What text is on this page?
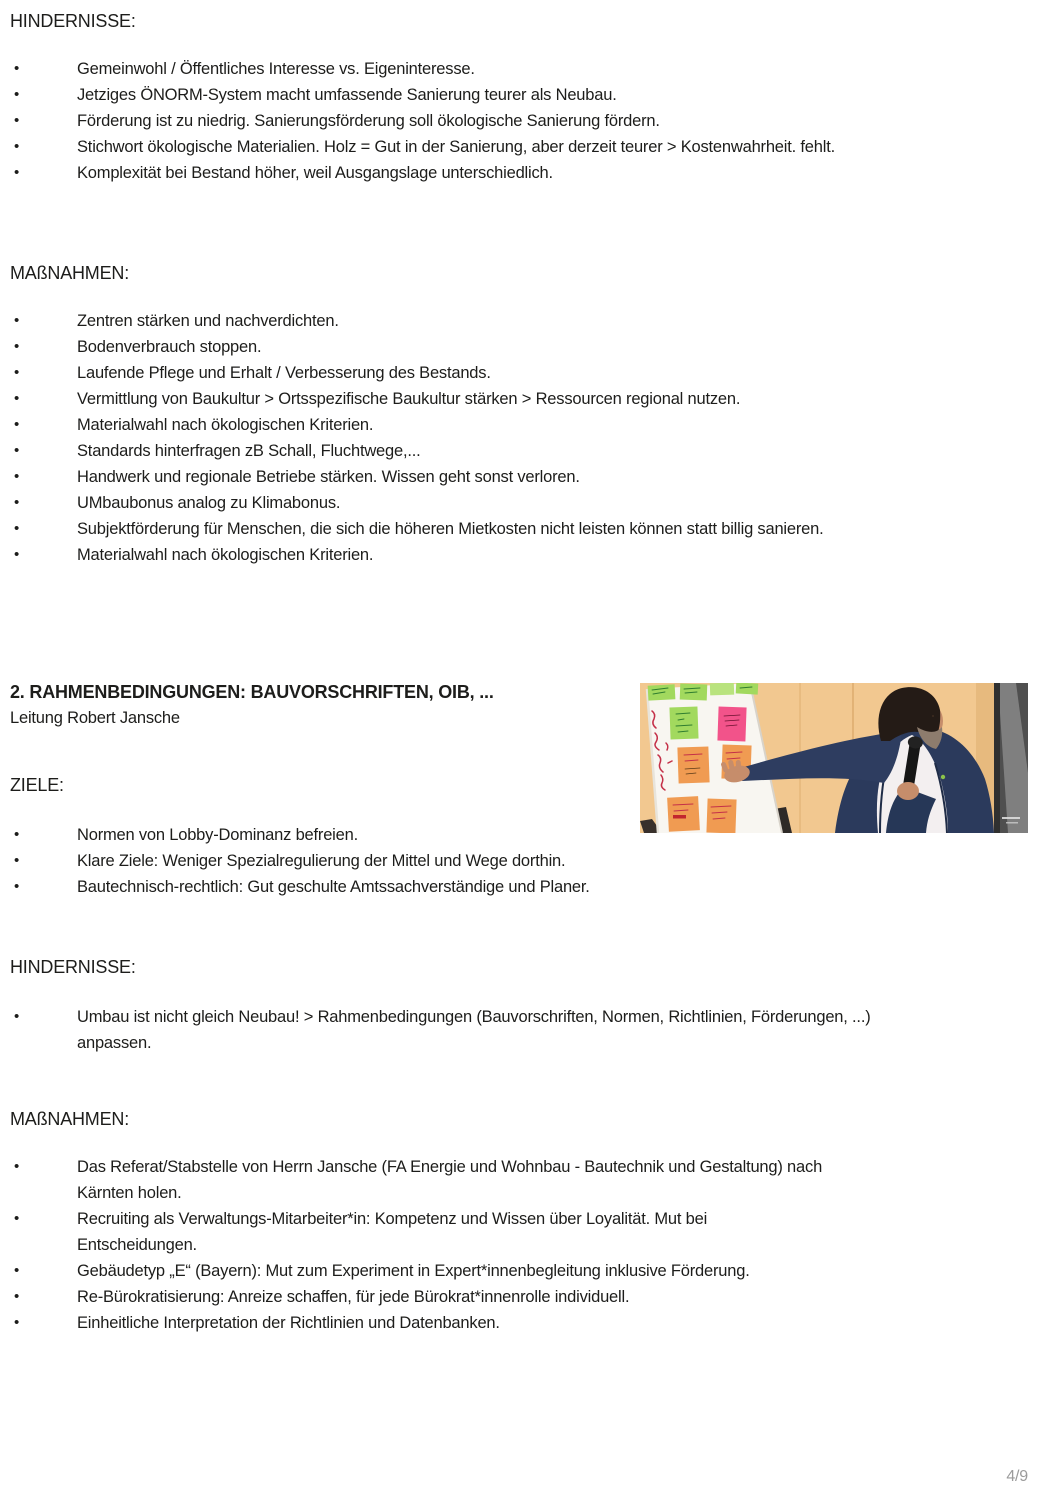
HINDERNISSE:
• Gemeinwohl / Öffentliches Interesse vs. Eigeninteresse.
• Jetziges ÖNORM-System macht umfassende Sanierung teurer als Neubau.
• Förderung ist zu niedrig. Sanierungsförderung soll ökologische Sanierung fördern.
• Stichwort ökologische Materialien. Holz = Gut in der Sanierung, aber derzeit teurer > Kostenwahrheit. fehlt.
• Komplexität bei Bestand höher, weil Ausgangslage unterschiedlich.
MAßNAHMEN:
• Zentren stärken und nachverdichten.
• Bodenverbrauch stoppen.
• Laufende Pflege und Erhalt / Verbesserung des Bestands.
• Vermittlung von Baukultur > Ortsspezifische Baukultur stärken > Ressourcen regional nutzen.
• Materialwahl nach ökologischen Kriterien.
• Standards hinterfragen zB Schall, Fluchtwege,...
• Handwerk und regionale Betriebe stärken. Wissen geht sonst verloren.
• UMbaubonus analog zu Klimabonus.
• Subjektförderung für Menschen, die sich die höheren Mietkosten nicht leisten können statt billig sanieren.
• Materialwahl nach ökologischen Kriterien.
2. RAHMENBEDINGUNGEN: BAUVORSCHRIFTEN, OIB, ...
Leitung Robert Jansche
ZIELE:
• Normen von Lobby-Dominanz befreien.
• Klare Ziele: Weniger Spezialregulierung der Mittel und Wege dorthin.
• Bautechnisch-rechtlich: Gut geschulte Amtssachverständige und Planer.
HINDERNISSE:
• Umbau ist nicht gleich Neubau! > Rahmenbedingungen (Bauvorschriften, Normen, Richtlinien, Förderungen, ...) anpassen.
MAßNAHMEN:
• Das Referat/Stabstelle von Herrn Jansche (FA Energie und Wohnbau - Bautechnik und Gestaltung) nach Kärnten holen.
• Recruiting als Verwaltungs-Mitarbeiter*in: Kompetenz und Wissen über Loyalität. Mut bei Entscheidungen.
• Gebäudetyp „E“ (Bayern): Mut zum Experiment in Expert*innenbegleitung inklusive Förderung.
• Re-Bürokratisierung: Anreize schaffen, für jede Bürokrat*innenrolle individuell.
• Einheitliche Interpretation der Richtlinien und Datenbanken.
4/9
